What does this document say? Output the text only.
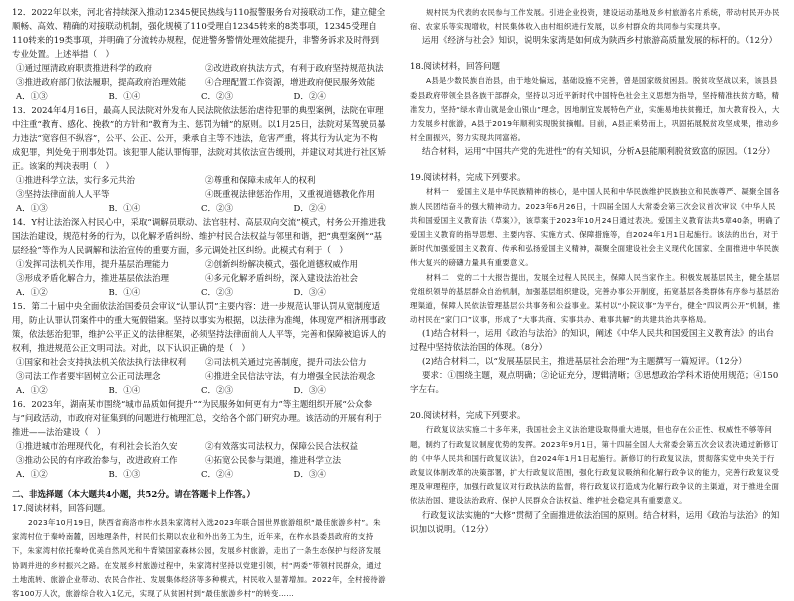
12．2022年以来，河北省持续深入推动12345便民热线与110报警服务台对接联动工作，建立健全顺畅、高效、精确的对接联动机制，强化规模了110受理自12345转来的8类事项，12345受理自110转来的19类事项，并明确了分流转办规程，促进警务警情处理效能提升，非警务诉求及时得到专业处置。上述举措（　）

①通过厘清政府职责推进科学的政府	②改进政府执法方式，有利于政府坚持规范执法
③推进政府部门依法履职，提高政府治理效能	④合理配置工作资源，增进政府便民服务效能
A．①③	B．①④	C．②③	D．②④

13．2024年4月16日，最高人民法院对外发布人民法院依法惩治虐待犯罪的典型案例，法院在审理中注重“教育、感化、挽救”的方针和“教育为主、惩罚为辅”的原则。以1月25日，法院对某驾驶员暴力违法“宽容但不纵容”，公平、公正、公开，秉承自主等不违法，危害严重，将其行为认定为不构成犯罪，判处免于刑事处罚。该犯罪人能认罪悔罪，法院对其依法宣告缓刑，并建议对其进行社区矫正。该案的判决表明（　）

①推进科学立法，实行多元共治	②尊重和保障未成年人的权利
③坚持法律面前人人平等	④既重视法律惩治作用，又重视道德教化作用
A．①③	B．①④	C．②③	D．②④

14．Y村让法治深入村民心中，采取“调解员联动、法官驻村、高层双向交流”模式，村务公开推进我国法治建设，规范村务的行为，以化解矛盾纠纷、维护村民合法权益与邻里和谐，把“典型案例”“基层经验”等作为人民调解和法治宣传的重要方面，多元调处社区纠纷。此模式有利于（　）

①发挥司法机关作用，提升基层治理能力	②创新纠纷解决模式，强化道德权威作用
③形成矛盾化解合力，推进基层依法治理	④多元化解矛盾纠纷，深入建设法治社会
A．①②	B．①④	C．②③	D．③④

15．第二十届中央全面依法治国委员会审议“认罪认罚”主要内容：进一步规范认罪认罚从宽制度适用，防止认罪认罚案件中的重大冤假错案。坚持以事实为根据，以法律为准绳，体现宽严相济刑事政策，依法惩治犯罪，维护公平正义的法律框架，必须坚持法律面前人人平等，完善和保障被追诉人的权利，推进规范公正文明司法。对此，以下认识正确的是（　）

①国家和社会支持执法机关依法执行法律权利	②司法机关通过完善制度，提升司法公信力
③司法工作者要牢固树立公正司法理念	④推进全民信法守法，有力增强全民法治观念
A．①②	B．①④	C．②③	D．③④

16．2023年，湖南某市围绕“城市品质如何提升”“为民服务如何更有力”等主题组织开展“公众参与”问政活动，市政府对征集到的问题进行梳理汇总，交给各个部门研究办理。该活动的开展有利于推进——法治建设（　）

①推进城市治理现代化，有利社会长治久安	②有效落实司法权力，保障公民合法权益
③推动公民的有序政治参与，改进政府工作	④拓宽公民参与渠道，推进科学立法
A．①②	B．①③	C．②④	D．③④
二、非选择题（本大题共4小题，共52分。请在答题卡上作答。）
17.阅读材料，回答问题。

2023年10月19日，陕西省商洛市柞水县朱家湾村入选2023年联合国世界旅游组织“最佳旅游乡村”。朱家湾村位于秦岭南麓，因地理条件，村民们长期以农业和外出务工为生，近年来，在柞水县委县政府的支持下，朱家湾村依托秦岭优美自然风光和牛背梁国家森林公园，发展乡村旅游，走出了一条生态保护与经济发展协调并进的乡村振兴之路。在发展乡村旅游过程中，朱家湾村坚持以党建引领，村“两委”带领村民群众，通过土地流转、旅游企业带动、农民合作社、发展集体经济等多种模式，村民收入显著增加。2022年，全村接待游客100万人次，旅游综合收入1亿元，实现了从贫困村到“最佳旅游乡村”的转变……

规村民为代表的农民参与工作发展。引进企业投资，建设运动基地及乡村旅游名片系统，带动村民开办民宿、农家乐等实现增收，村民集体收入由村组织进行发展，以乡村群众的共同参与实现共享。

运用《经济与社会》知识，说明朱家湾是如何成为陕西乡村旅游高质量发展的标杆的。（12分）

18.阅读材料，回答问题

A县是少数民族自治县，由于地处偏远，基础设施不完善，曾是国家级贫困县。脱贫攻坚战以来，该县县委县政府带领全县各族干部群众，坚持以习近平新时代中国特色社会主义思想为指导，坚持精准扶贫方略，精准发力，坚持“绿水青山就是金山银山”理念，因地制宜发展特色产业，实施易地扶贫搬迁，加大教育投入，大力发展乡村旅游，A县于2019年顺利实现脱贫摘帽。目前，A县正乘势而上，巩固拓展脱贫攻坚成果，推动乡村全面振兴，努力实现共同富裕。

结合材料，运用“中国共产党的先进性”的有关知识，分析A县能顺利脱贫致富的原因。（12分）

19.阅读材料，完成下列要求。

材料一　爱国主义是中华民族精神的核心，是中国人民和中华民族维护民族独立和民族尊严、凝聚全国各族人民团结奋斗的强大精神动力。2023年6月26日，十四届全国人大常委会第三次会议首次审议《中华人民共和国爱国主义教育法（草案）》，该草案于2023年10月24日通过表决。爱国主义教育法共5章40条，明确了爱国主义教育的指导思想、主要内容、实施方式、保障措施等，自2024年1月1日起施行。该法的出台，对于新时代加强爱国主义教育、传承和弘扬爱国主义精神，凝聚全面建设社会主义现代化国家、全面推进中华民族伟大复兴的磅礴力量具有重要意义。

材料二　党的二十大报告提出，发展全过程人民民主，保障人民当家作主。积极发展基层民主，健全基层党组织领导的基层群众自治机制，加强基层组织建设，完善办事公开制度，拓宽基层各类群体有序参与基层治理渠道，保障人民依法管理基层公共事务和公益事业。某村以“小院议事”为平台，健全“四议两公开”机制，推动村民在“家门口”议事，形成了“大事共商、实事共办、难事共解”的共建共治共享格局。

(1)结合材料一，运用《政治与法治》的知识，阐述《中华人民共和国爱国主义教育法》的出台过程中坚持依法治国的体现。（8分）

(2)结合材料二，以“发展基层民主，推进基层社会治理”为主题撰写一篇短评。（12分）

要求：①围绕主题，观点明确；②论证充分，逻辑清晰；③思想政治学科术语使用规范；④150字左右。

20.阅读材料，完成下列要求。

行政复议法实施二十多年来，我国社会主义法治建设取得重大进展，但也存在公正性、权威性不够等问题，制约了行政复议制度优势的发挥。2023年9月1日，第十四届全国人大常委会第五次会议表决通过新修订的《中华人民共和国行政复议法》，自2024年1月1日起施行。新修订的行政复议法，贯彻落实党中央关于行政复议体制改革的决策部署，扩大行政复议范围，强化行政复议吸纳和化解行政争议的能力，完善行政复议受理及审理程序，加强行政复议对行政执法的监督，将行政复议打造成为化解行政争议的主渠道，对于推进全面依法治国、建设法治政府、保护人民群众合法权益、维护社会稳定具有重要意义。

行政复议法实施的“大修”贯彻了全面推进依法治国的原则。结合材料，运用《政治与法治》的知识加以说明。（12分）
